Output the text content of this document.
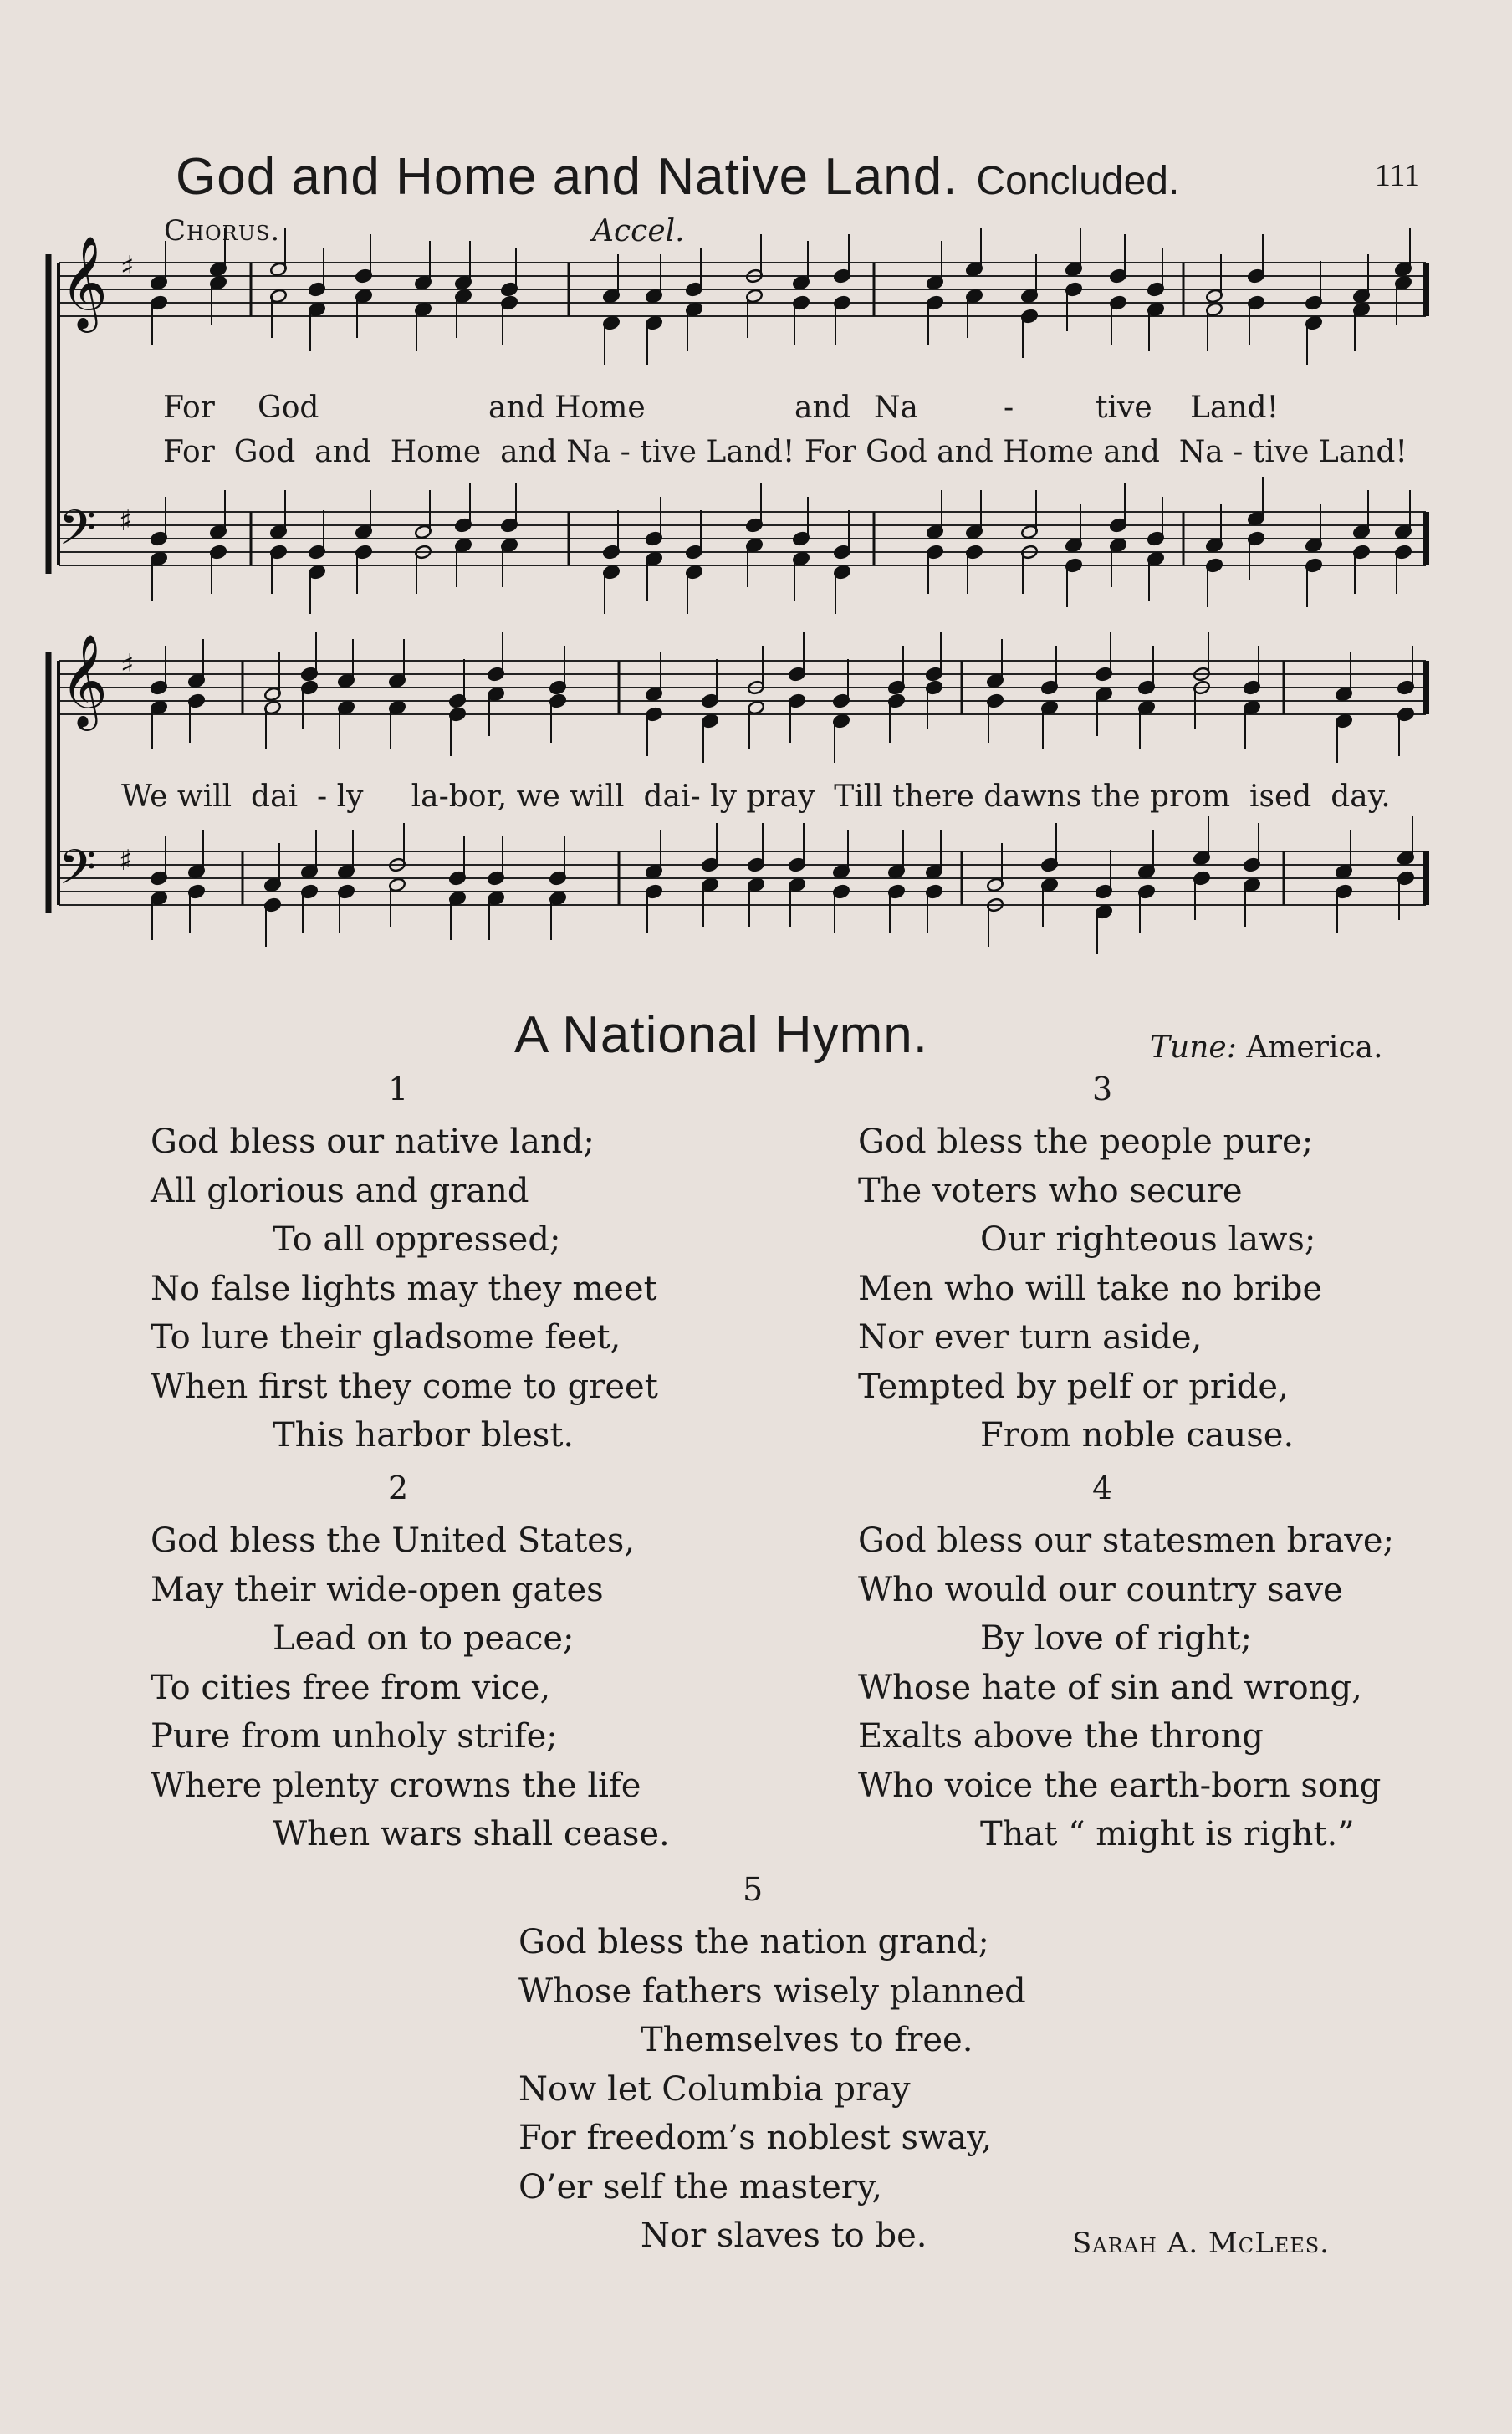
111
God and Home and Native Land. Concluded.
Chorus.	Accel.
𝄞 ♯
𝄢 ♯
𝄞 ♯
𝄢 ♯
For God	and Home	and Na	-	tive Land!
For  God  and  Home  and Na - tive Land! For God and Home and  Na - tive Land!
We will  dai  - ly     la-bor, we will  dai- ly pray  Till there dawns the prom  ised  day.
A National Hymn.	Tune: America.
1
God bless our native land;
All glorious and grand
To all oppressed;
No false lights may they meet
To lure their gladsome feet,
When first they come to greet
This harbor blest.
3
God bless the people pure;
The voters who secure
Our righteous laws;
Men who will take no bribe
Nor ever turn aside,
Tempted by pelf or pride,
From noble cause.
2
God bless the United States,
May their wide-open gates
Lead on to peace;
To cities free from vice,
Pure from unholy strife;
Where plenty crowns the life
When wars shall cease.
4
God bless our statesmen brave;
Who would our country save
By love of right;
Whose hate of sin and wrong,
Exalts above the throng
Who voice the earth-born song
That “ might is right.”
5
God bless the nation grand;
Whose fathers wisely planned
Themselves to free.
Now let Columbia pray
For freedom’s noblest sway,
O’er self the mastery,
Nor slaves to be.	Sarah A. McLees.
